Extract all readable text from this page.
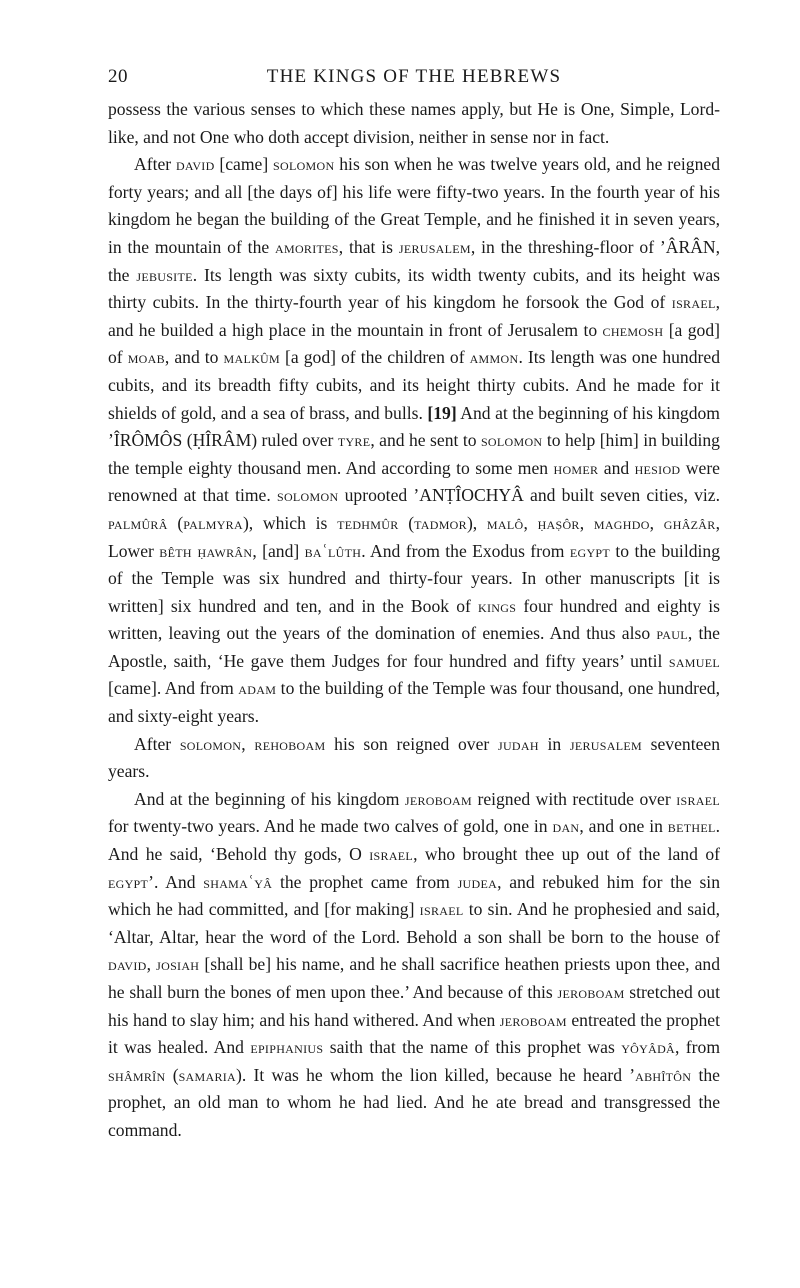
20	THE KINGS OF THE HEBREWS

possess the various senses to which these names apply, but He is One, Simple, Lord-like, and not One who doth accept division, neither in sense nor in fact.

After david [came] solomon his son when he was twelve years old, and he reigned forty years; and all [the days of] his life were fifty-two years. In the fourth year of his kingdom he began the building of the Great Temple, and he finished it in seven years, in the mountain of the amorites, that is jerusalem, in the threshing-floor of ’ÂRÂN, the jebusite. Its length was sixty cubits, its width twenty cubits, and its height was thirty cubits. In the thirty-fourth year of his kingdom he forsook the God of israel, and he builded a high place in the mountain in front of Jerusalem to chemosh [a god] of moab, and to malkûm [a god] of the children of ammon. Its length was one hundred cubits, and its breadth fifty cubits, and its height thirty cubits. And he made for it shields of gold, and a sea of brass, and bulls. [19] And at the beginning of his kingdom ’ÎRÔMÔS (ḤÎRÂM) ruled over tyre, and he sent to solomon to help [him] in building the temple eighty thousand men. And according to some men homer and hesiod were renowned at that time. solomon uprooted ’ANṬÎOCHYÂ and built seven cities, viz. palmûrâ (palmyra), which is tedhmûr (tadmor), malô, ḥaṣôr, maghdo, ghâzâr, Lower bêth ḥawrân, [and] baʿlûth. And from the Exodus from egypt to the building of the Temple was six hundred and thirty-four years. In other manuscripts [it is written] six hundred and ten, and in the Book of kings four hundred and eighty is written, leaving out the years of the domination of enemies. And thus also paul, the Apostle, saith, ‘He gave them Judges for four hundred and fifty years’ until samuel [came]. And from adam to the building of the Temple was four thousand, one hundred, and sixty-eight years.

After solomon, rehoboam his son reigned over judah in jerusalem seventeen years.

And at the beginning of his kingdom jeroboam reigned with rectitude over israel for twenty-two years. And he made two calves of gold, one in dan, and one in bethel. And he said, ‘Behold thy gods, O israel, who brought thee up out of the land of egypt’. And shamaʿyâ the prophet came from judea, and rebuked him for the sin which he had committed, and [for making] israel to sin. And he prophesied and said, ‘Altar, Altar, hear the word of the Lord. Behold a son shall be born to the house of david, josiah [shall be] his name, and he shall sacrifice heathen priests upon thee, and he shall burn the bones of men upon thee.’ And because of this jeroboam stretched out his hand to slay him; and his hand withered. And when jeroboam entreated the prophet it was healed. And epiphanius saith that the name of this prophet was yôyâdâ, from shâmrîn (samaria). It was he whom the lion killed, because he heard ’abhîtôn the prophet, an old man to whom he had lied. And he ate bread and transgressed the command.
